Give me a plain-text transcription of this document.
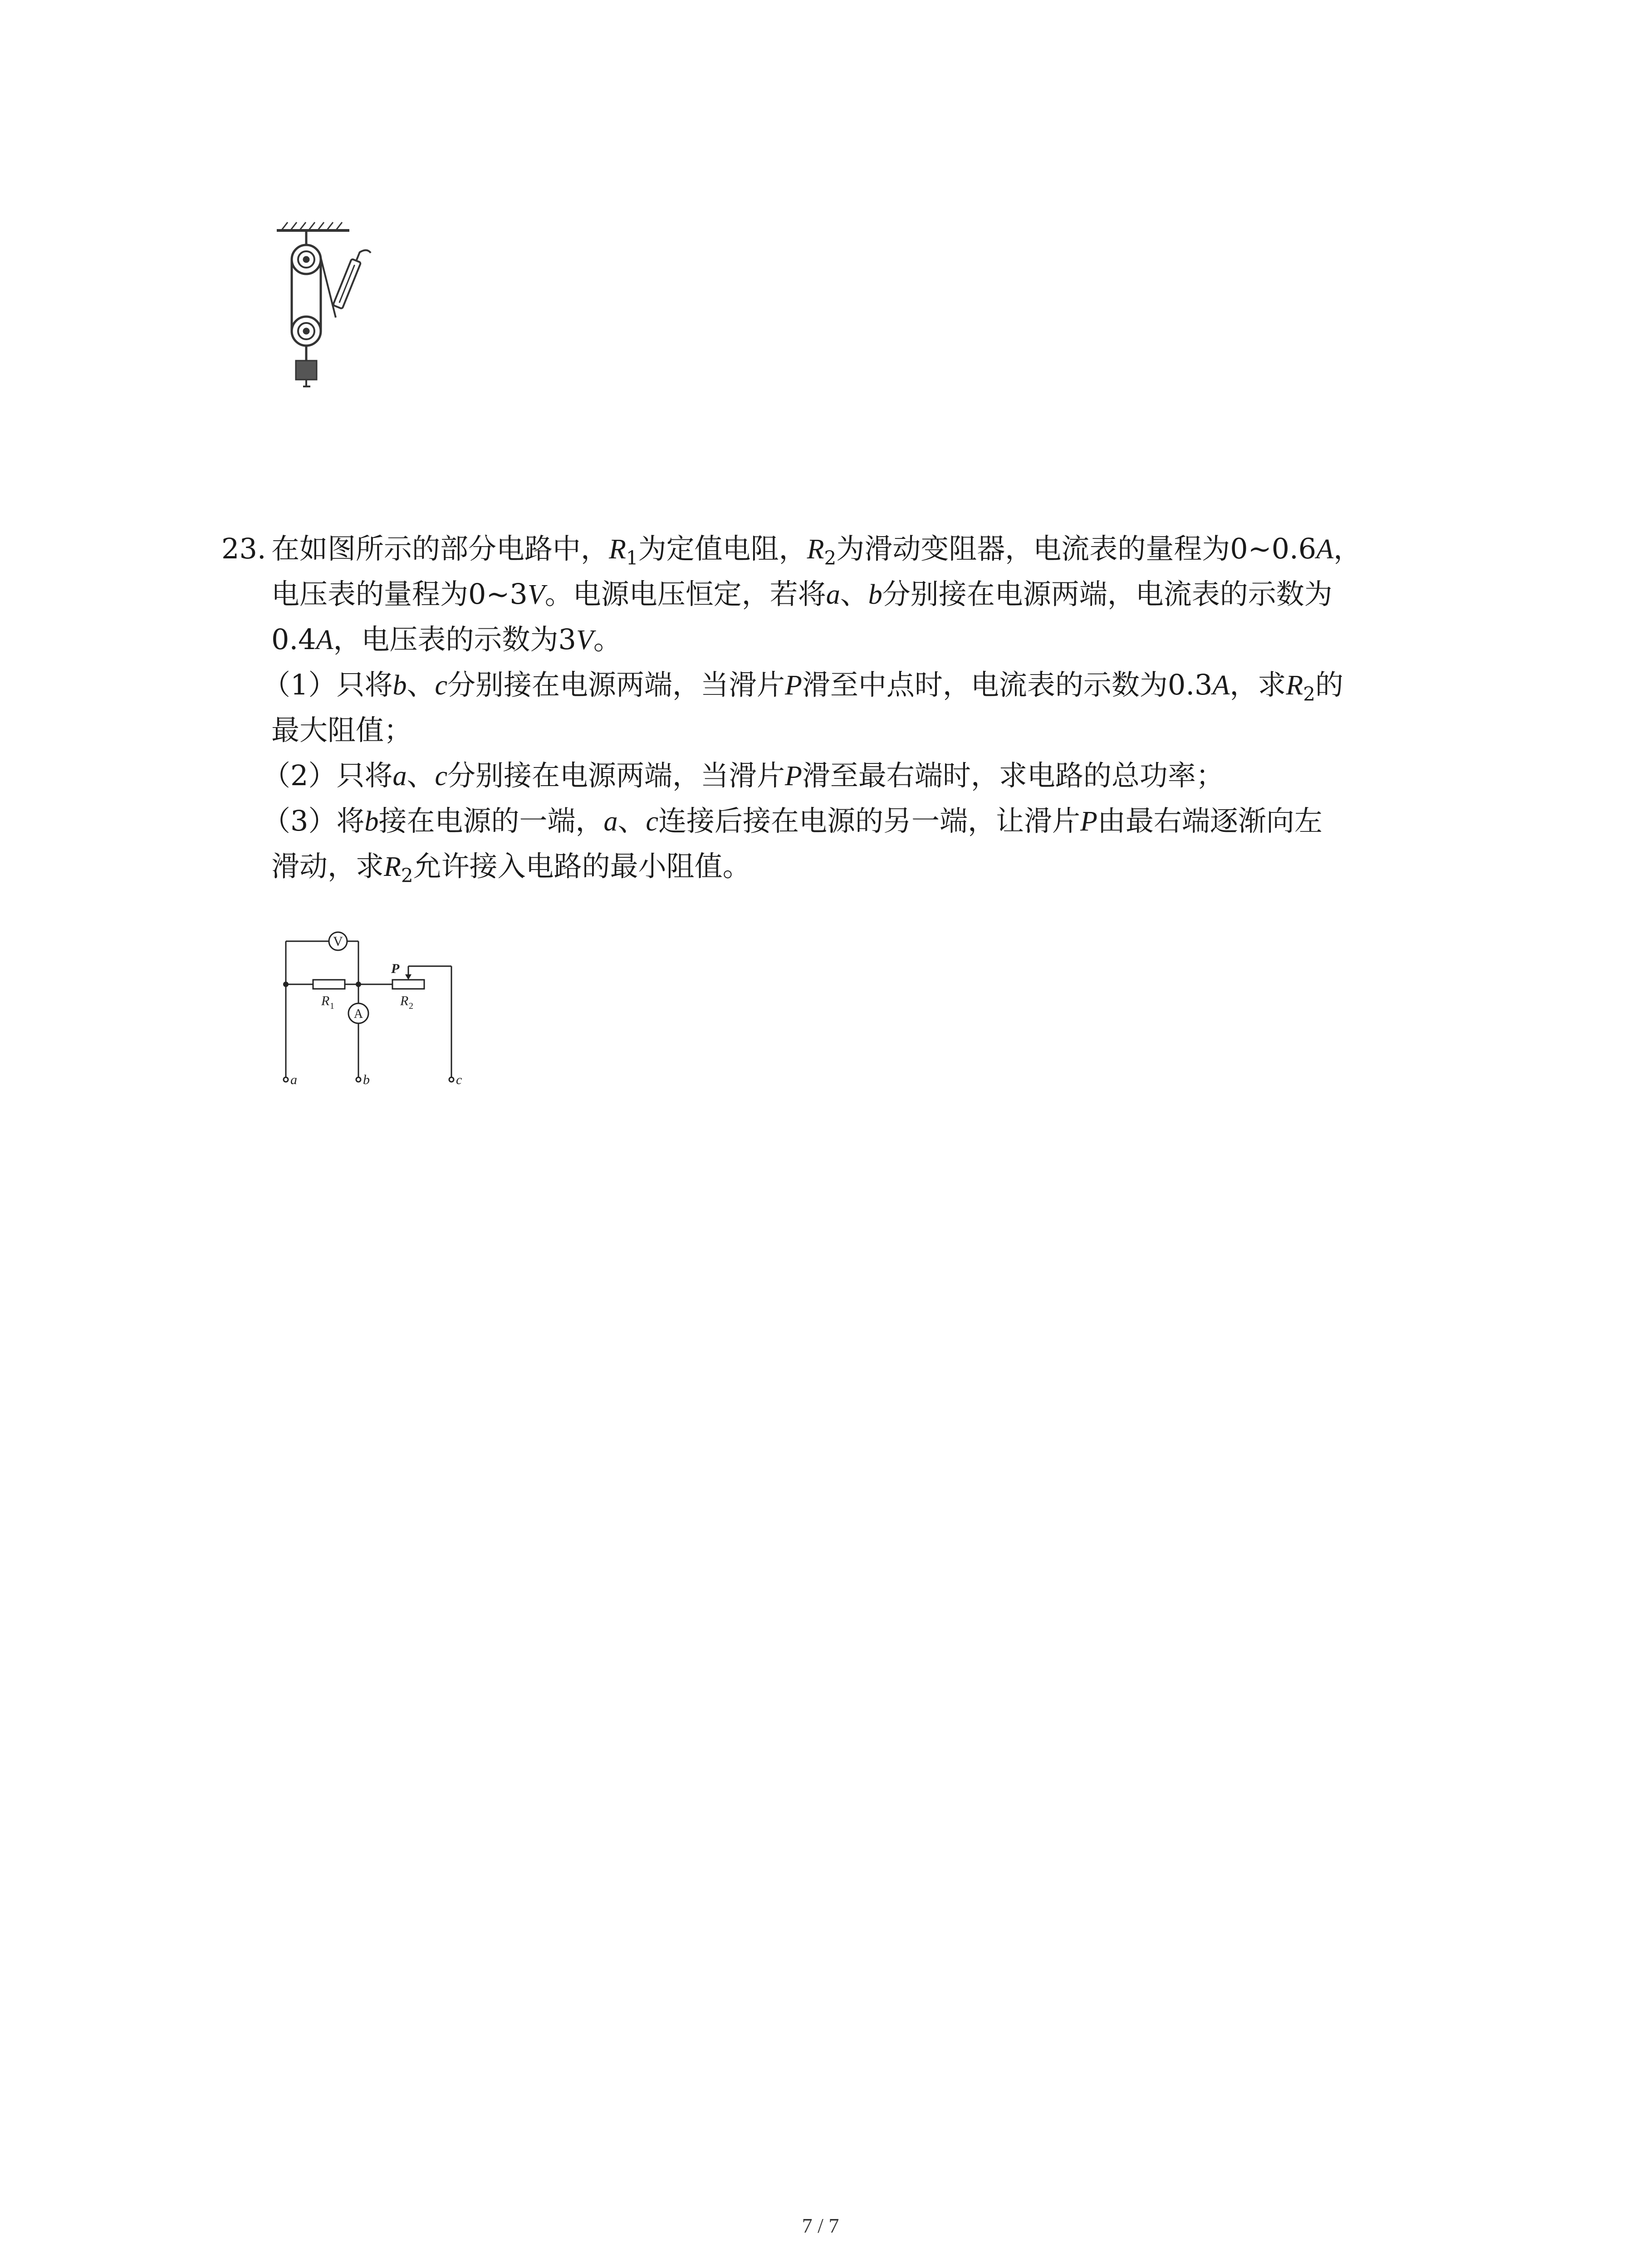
23. 在如图所示的部分电路中，$R_1$为定值电阻，$R_2$为滑动变阻器，电流表的量程为0~0.6A，
电压表的量程为0~3V。电源电压恒定，若将a、b分别接在电源两端，电流表的示数为
0.4A，电压表的示数为3V。
（1）只将b、c分别接在电源两端，当滑片P滑至中点时，电流表的示数为0.3A，求$R_2$的
最大阻值；
（2）只将a、c分别接在电源两端，当滑片P滑至最右端时，求电路的总功率；
（3）将b接在电源的一端，a、c连接后接在电源的另一端，让滑片P由最右端逐渐向左
滑动，求$R_2$允许接入电路的最小阻值。
V
A
P
R 1	R 2
a	b	c
7 / 7
